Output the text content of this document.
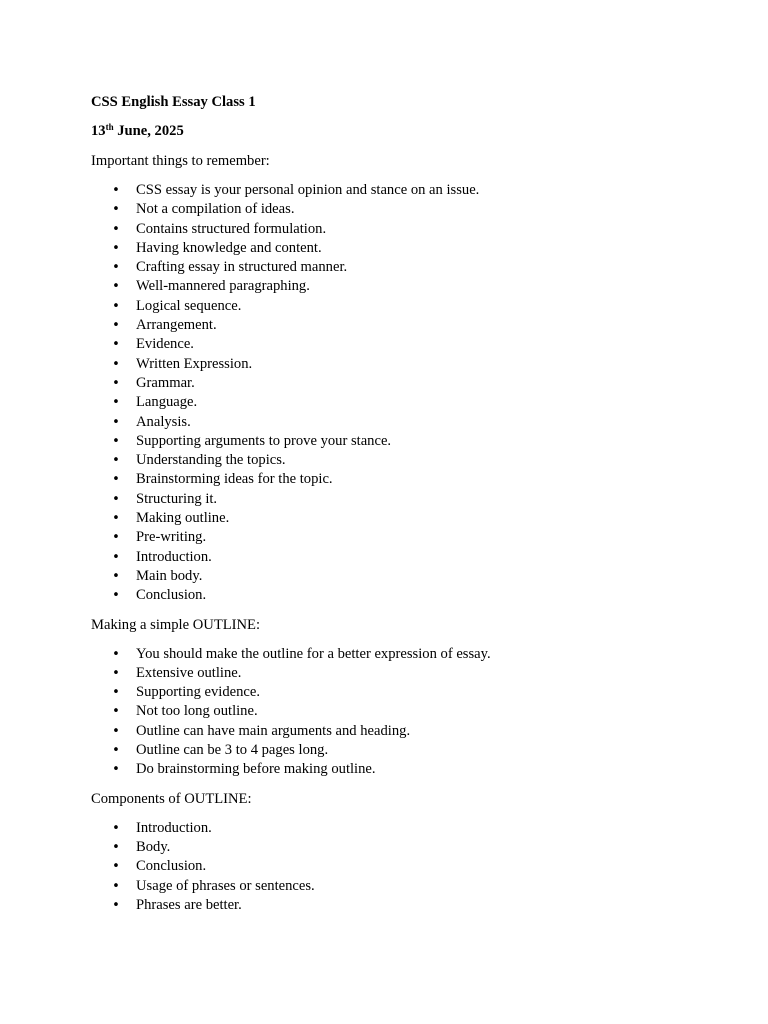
CSS English Essay Class 1

13th June, 2025

Important things to remember:

• CSS essay is your personal opinion and stance on an issue.
• Not a compilation of ideas.
• Contains structured formulation.
• Having knowledge and content.
• Crafting essay in structured manner.
• Well-mannered paragraphing.
• Logical sequence.
• Arrangement.
• Evidence.
• Written Expression.
• Grammar.
• Language.
• Analysis.
• Supporting arguments to prove your stance.
• Understanding the topics.
• Brainstorming ideas for the topic.
• Structuring it.
• Making outline.
• Pre-writing.
• Introduction.
• Main body.
• Conclusion.

Making a simple OUTLINE:

• You should make the outline for a better expression of essay.
• Extensive outline.
• Supporting evidence.
• Not too long outline.
• Outline can have main arguments and heading.
• Outline can be 3 to 4 pages long.
• Do brainstorming before making outline.

Components of OUTLINE:

• Introduction.
• Body.
• Conclusion.
• Usage of phrases or sentences.
• Phrases are better.
